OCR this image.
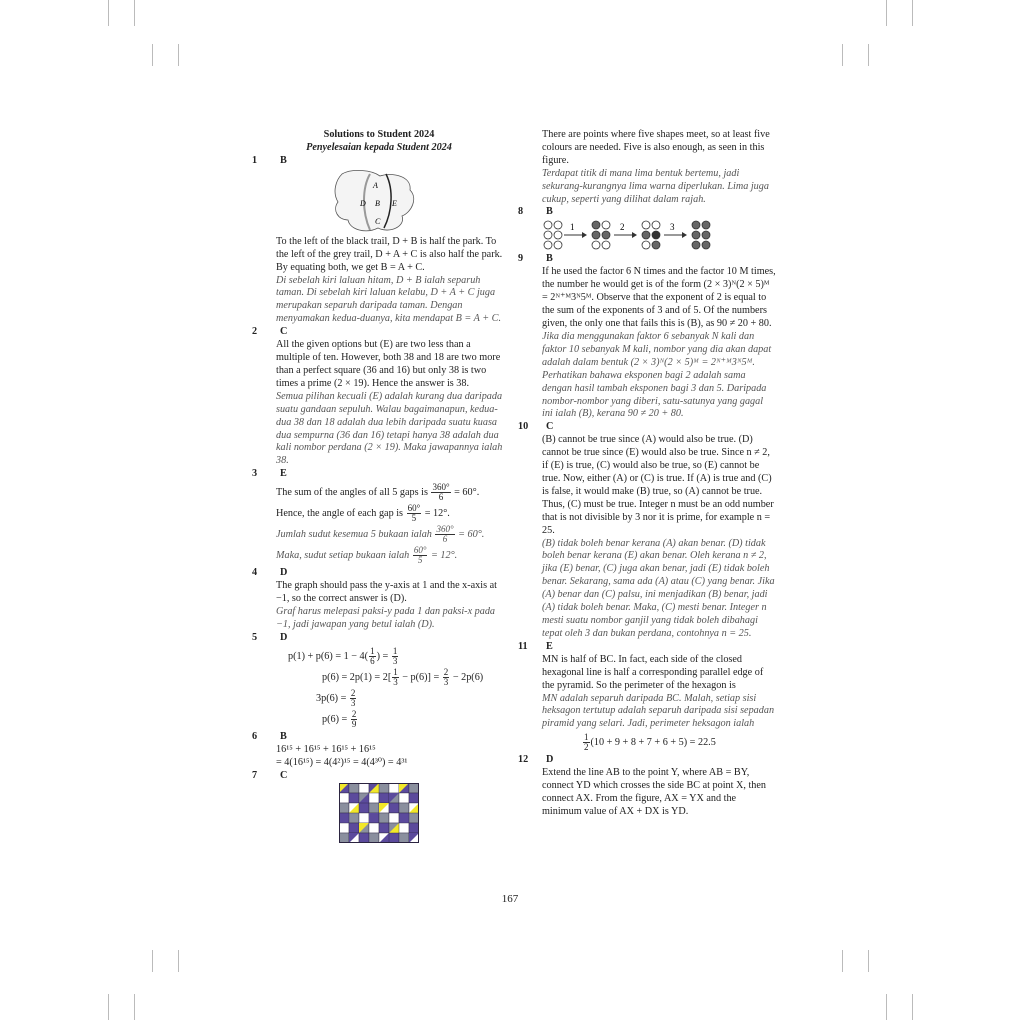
Solutions to Student 2024
Penyelesaian kepada Student 2024
1 B
A
D B E
C

To the left of the black trail, D + B is half the park. To the left of the grey trail, D + A + C is also half the park. By equating both, we get B = A + C.

Di sebelah kiri laluan hitam, D + B ialah separuh taman. Di sebelah kiri laluan kelabu, D + A + C juga merupakan separuh daripada taman. Dengan menyamakan kedua-duanya, kita mendapat B = A + C.

2 C

All the given options but (E) are two less than a multiple of ten. However, both 38 and 18 are two more than a perfect square (36 and 16) but only 38 is two times a prime (2 × 19). Hence the answer is 38.

Semua pilihan kecuali (E) adalah kurang dua daripada suatu gandaan sepuluh. Walau bagaimanapun, kedua-dua 38 dan 18 adalah dua lebih daripada suatu kuasa dua sempurna (36 dan 16) tetapi hanya 38 adalah dua kali nombor perdana (2 × 19). Maka jawapannya ialah 38.

3 E

The sum of the angles of all 5 gaps is $\frac{360^\circ}{6} = 60^\circ$.

Hence, the angle of each gap is $\frac{60^\circ}{5} = 12^\circ$.

Jumlah sudut kesemua 5 bukaan ialah $\frac{360^\circ}{6} = 60^\circ$.

Maka, sudut setiap bukaan ialah $\frac{60^\circ}{5} = 12^\circ$.

4 D

The graph should pass the y-axis at 1 and the x-axis at −1, so the correct answer is (D).

Graf harus melepasi paksi-y pada 1 dan paksi-x pada −1, jadi jawapan yang betul ialah (D).

5 D

$p(1) + p(6) = 1 - 4( \frac{1}{6}) = \frac{1}{3}$

$p(6) = 2p(1) = 2[ \frac{1}{3} - p(6)] = \frac{2}{3} - 2p(6)$

$3p(6) = \frac{2}{3}$

$p(6) = \frac{2}{9}$

6 B

16¹⁵ + 16¹⁵ + 16¹⁵ + 16¹⁵

= 4(16¹⁵) = 4(4²)¹⁵ = 4(4³⁰) = 4³¹

7 C

There are points where five shapes meet, so at least five colours are needed. Five is also enough, as seen in this figure.

Terdapat titik di mana lima bentuk bertemu, jadi sekurang-kurangnya lima warna diperlukan. Lima juga cukup, seperti yang dilihat dalam rajah.

8 B
1	2	3
9 B

If he used the factor 6 N times and the factor 10 M times, the number he would get is of the form (2 × 3)ᴺ(2 × 5)ᴹ = 2ᴺ⁺ᴹ3ᴺ5ᴹ. Observe that the exponent of 2 is equal to the sum of the exponents of 3 and of 5. Of the numbers given, the only one that fails this is (B), as 90 ≠ 20 + 80.

Jika dia menggunakan faktor 6 sebanyak N kali dan faktor 10 sebanyak M kali, nombor yang dia akan dapat adalah dalam bentuk (2 × 3)ᴺ(2 × 5)ᴹ = 2ᴺ⁺ᴹ3ᴺ5ᴹ. Perhatikan bahawa eksponen bagi 2 adalah sama dengan hasil tambah eksponen bagi 3 dan 5. Daripada nombor-nombor yang diberi, satu-satunya yang gagal ini ialah (B), kerana 90 ≠ 20 + 80.

10 C

(B) cannot be true since (A) would also be true. (D) cannot be true since (E) would also be true. Since n ≠ 2, if (E) is true, (C) would also be true, so (E) cannot be true. Now, either (A) or (C) is true. If (A) is true and (C) is false, it would make (B) true, so (A) cannot be true. Thus, (C) must be true. Integer n must be an odd number that is not divisible by 3 nor it is prime, for example n = 25.

(B) tidak boleh benar kerana (A) akan benar. (D) tidak boleh benar kerana (E) akan benar. Oleh kerana n ≠ 2, jika (E) benar, (C) juga akan benar, jadi (E) tidak boleh benar. Sekarang, sama ada (A) atau (C) yang benar. Jika (A) benar dan (C) palsu, ini menjadikan (B) benar, jadi (A) tidak boleh benar. Maka, (C) mesti benar. Integer n mesti suatu nombor ganjil yang tidak boleh dibahagi tepat oleh 3 dan bukan perdana, contohnya n = 25.

11 E

MN is half of BC. In fact, each side of the closed hexagonal line is half a corresponding parallel edge of the pyramid. So the perimeter of the hexagon is

MN adalah separuh daripada BC. Malah, setiap sisi heksagon tertutup adalah separuh daripada sisi sepadan piramid yang selari. Jadi, perimeter heksagon ialah

$\frac{1}{2}(10 + 9 + 8 + 7 + 6 + 5) = 22.5$

12 D

Extend the line AB to the point Y, where AB = BY, connect YD which crosses the side BC at point X, then connect AX. From the figure, AX = YX and the minimum value of AX + DX is YD.

167
